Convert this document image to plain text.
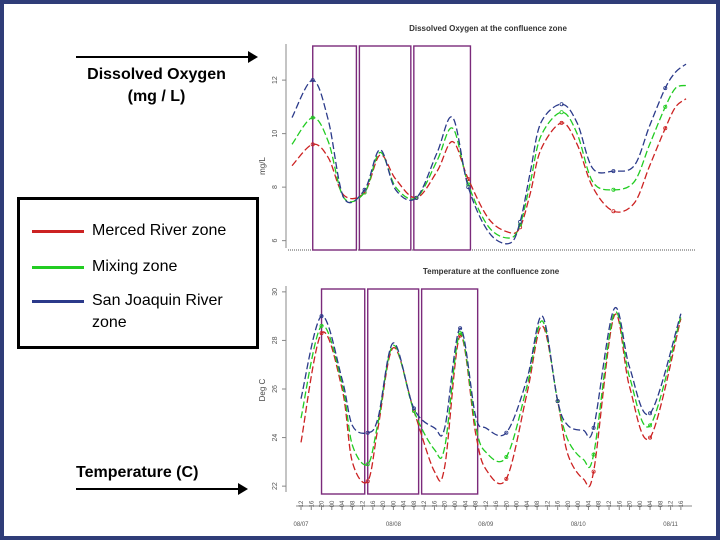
Dissolved Oxygen
(mg / L)
Merced River zone
Mixing zone
San Joaquin River
zone
Temperature (C)
Dissolved Oxygen at the confluence zone
mg/L
6
8
10
12
Temperature at the confluence zone
Deg C
22
24
26
28
30
12 16 20 00 04 08 12 16 20 00 04 08 12 16 20 00 04 08 12 16 20 00 04 08 12 16 20 00 04 08 12 16 20 00 04 08 12 16
08/07	08/08	08/09	08/10	08/11
